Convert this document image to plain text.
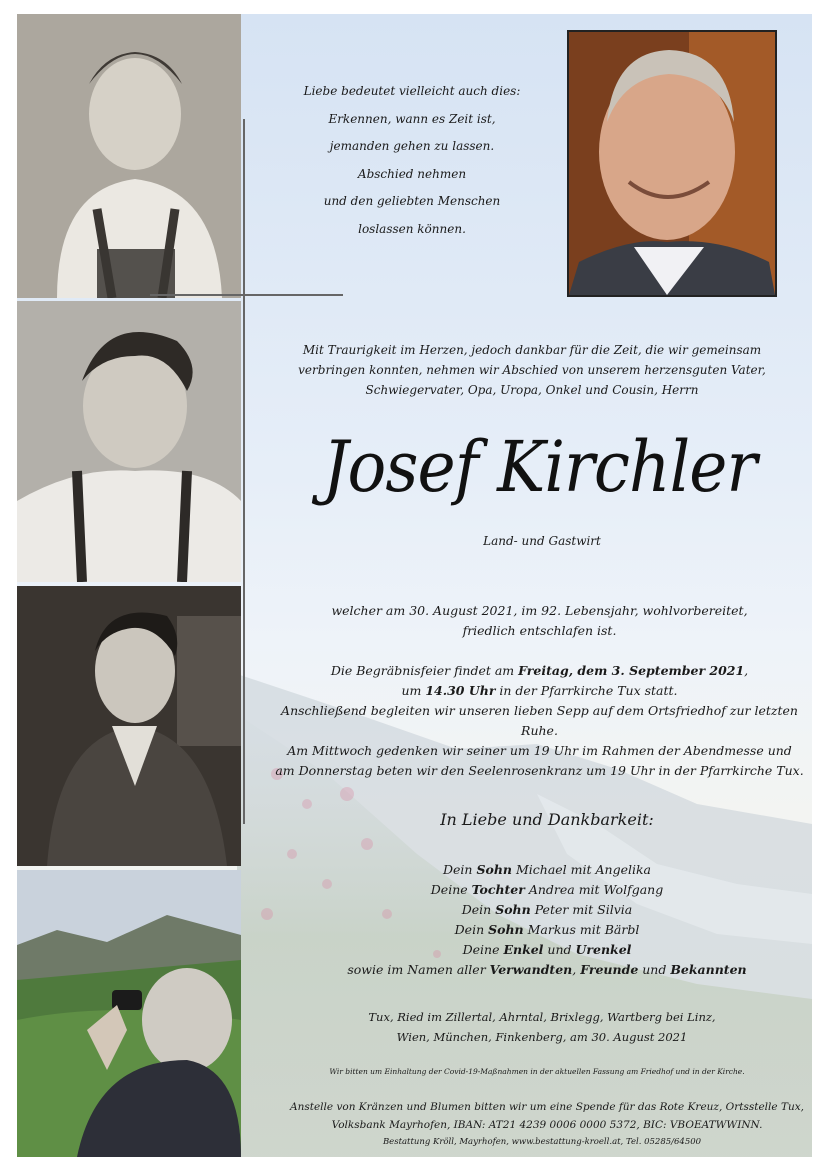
Liebe bedeutet vielleicht auch dies:
Erkennen, wann es Zeit ist,
jemanden gehen zu lassen.
Abschied nehmen
und den geliebten Menschen
loslassen können.
Mit Traurigkeit im Herzen, jedoch dankbar für die Zeit, die wir gemeinsam
verbringen konnten, nehmen wir Abschied von unserem herzensguten Vater,
Schwiegervater, Opa, Uropa, Onkel und Cousin, Herrn
Josef Kirchler
Land- und Gastwirt
welcher am 30. August 2021, im 92. Lebensjahr, wohlvorbereitet,
friedlich entschlafen ist.
Die Begräbnisfeier findet am Freitag, dem 3. September 2021,
um 14.30 Uhr in der Pfarrkirche Tux statt.
Anschließend begleiten wir unseren lieben Sepp auf dem Ortsfriedhof zur letzten Ruhe.
Am Mittwoch gedenken wir seiner um 19 Uhr im Rahmen der Abendmesse und
am Donnerstag beten wir den Seelenrosenkranz um 19 Uhr in der Pfarrkirche Tux.
In Liebe und Dankbarkeit:
Dein Sohn Michael mit Angelika
Deine Tochter Andrea mit Wolfgang
Dein Sohn Peter mit Silvia
Dein Sohn Markus mit Bärbl
Deine Enkel und Urenkel
sowie im Namen aller Verwandten, Freunde und Bekannten
Tux, Ried im Zillertal, Ahrntal, Brixlegg, Wartberg bei Linz,
Wien, München, Finkenberg, am 30. August 2021
Wir bitten um Einhaltung der Covid-19-Maßnahmen in der aktuellen Fassung am Friedhof und in der Kirche.
Anstelle von Kränzen und Blumen bitten wir um eine Spende für das Rote Kreuz, Ortsstelle Tux,
Volksbank Mayrhofen, IBAN: AT21 4239 0006 0000 5372, BIC: VBOEATWWINN.
Bestattung Kröll, Mayrhofen, www.bestattung-kroell.at, Tel. 05285/64500
